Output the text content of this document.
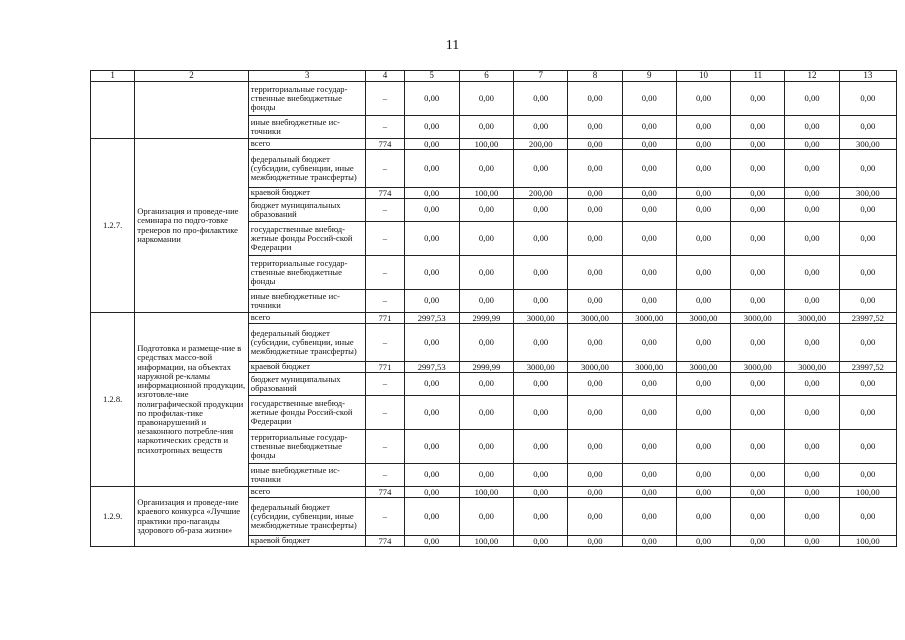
11
1	2	3	4	5	6	7	8	9	10	11	12	13
		территориальные государ-ственные внебюджетные фонды	–	0,00	0,00	0,00	0,00	0,00	0,00	0,00	0,00	0,00
		иные внебюджетные ис-точники	–	0,00	0,00	0,00	0,00	0,00	0,00	0,00	0,00	0,00
1.2.7.	Организация и проведе-ние семинара по подго-товке тренеров по про-филактике наркомании	всего	774	0,00	100,00	200,00	0,00	0,00	0,00	0,00	0,00	300,00
		федеральный бюджет (субсидии, субвенции, иные межбюджетные трансферты)	–	0,00	0,00	0,00	0,00	0,00	0,00	0,00	0,00	0,00
		краевой бюджет	774	0,00	100,00	200,00	0,00	0,00	0,00	0,00	0,00	300,00
		бюджет муниципальных образований	–	0,00	0,00	0,00	0,00	0,00	0,00	0,00	0,00	0,00
		государственные внебюд-жетные фонды Россий-ской Федерации	–	0,00	0,00	0,00	0,00	0,00	0,00	0,00	0,00	0,00
		территориальные государ-ственные внебюджетные фонды	–	0,00	0,00	0,00	0,00	0,00	0,00	0,00	0,00	0,00
		иные внебюджетные ис-точники	–	0,00	0,00	0,00	0,00	0,00	0,00	0,00	0,00	0,00
1.2.8.	Подготовка и размеще-ние в средствах массо-вой информации, на объектах наружной ре-кламы информационной продукции, изготовле-ние полиграфической продукции по профилак-тике правонарушений и незаконного потребле-ния наркотических средств и психотропных веществ	всего	771	2997,53	2999,99	3000,00	3000,00	3000,00	3000,00	3000,00	3000,00	23997,52
		федеральный бюджет (субсидии, субвенции, иные межбюджетные трансферты)	–	0,00	0,00	0,00	0,00	0,00	0,00	0,00	0,00	0,00
		краевой бюджет	771	2997,53	2999,99	3000,00	3000,00	3000,00	3000,00	3000,00	3000,00	23997,52
		бюджет муниципальных образований	–	0,00	0,00	0,00	0,00	0,00	0,00	0,00	0,00	0,00
		государственные внебюд-жетные фонды Россий-ской Федерации	–	0,00	0,00	0,00	0,00	0,00	0,00	0,00	0,00	0,00
		территориальные государ-ственные внебюджетные фонды	–	0,00	0,00	0,00	0,00	0,00	0,00	0,00	0,00	0,00
		иные внебюджетные ис-точники	–	0,00	0,00	0,00	0,00	0,00	0,00	0,00	0,00	0,00
1.2.9.	Организация и проведе-ние краевого конкурса «Лучшие практики про-паганды здорового об-раза жизни»	всего	774	0,00	100,00	0,00	0,00	0,00	0,00	0,00	0,00	100,00
		федеральный бюджет (субсидии, субвенции, иные межбюджетные трансферты)	–	0,00	0,00	0,00	0,00	0,00	0,00	0,00	0,00	0,00
		краевой бюджет	774	0,00	100,00	0,00	0,00	0,00	0,00	0,00	0,00	100,00
